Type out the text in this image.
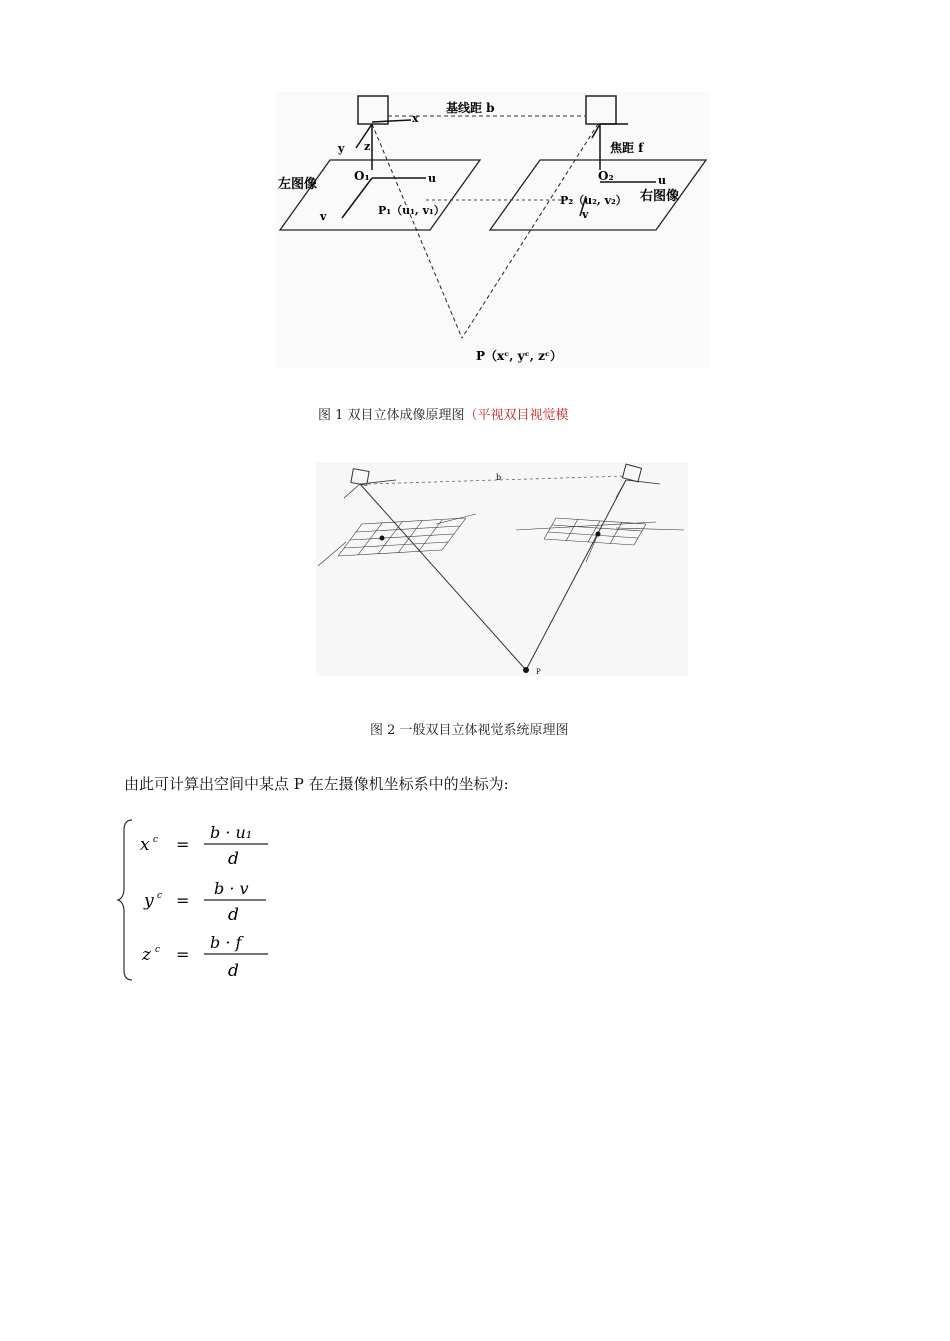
基线距 b
x
y z	焦距 f
左图像
右图像
O₁	u
v	P₁（u₁, v₁）
O₂	u
v
P₂（u₂, v₂）
P（xᶜ, yᶜ, zᶜ）
图 1 双目立体成像原理图（平视双目视觉模
b
P
图 2 一般双目立体视觉系统原理图
由此可计算出空间中某点 P 在左摄像机坐标系中的坐标为:
x c =
b · u₁
d
y c =
b · v
d
z c =
b · f
d
